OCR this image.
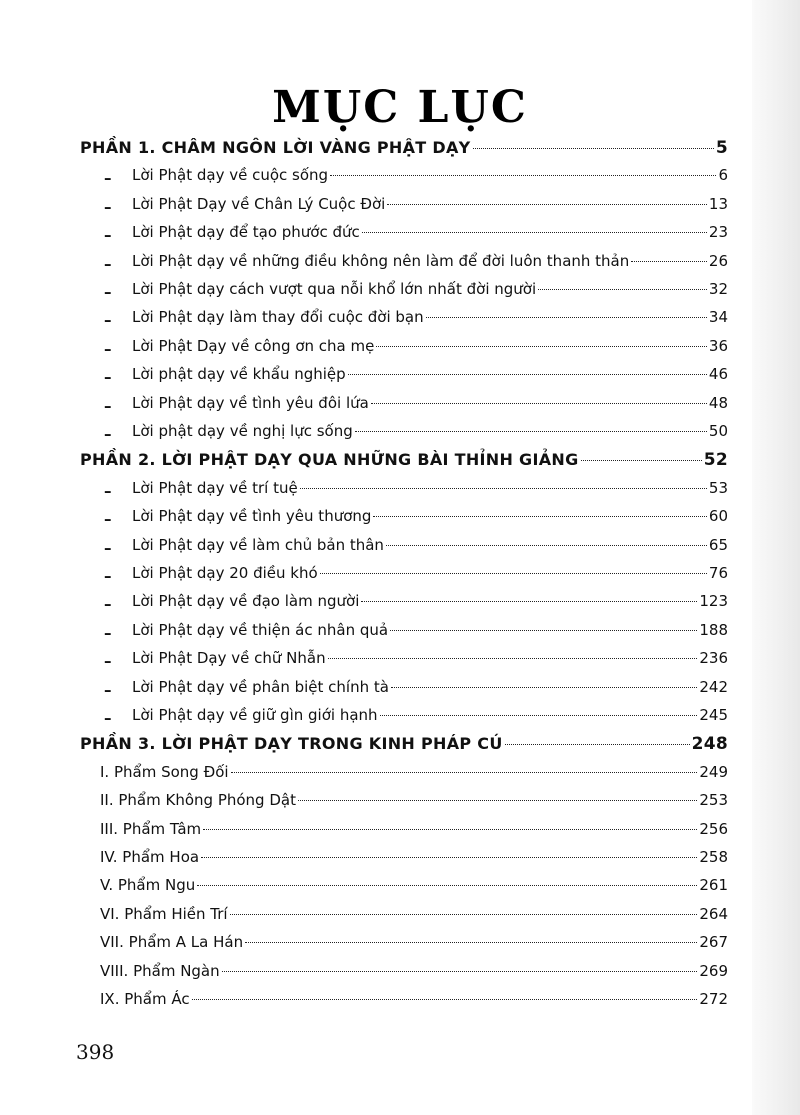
MỤC LỤC
PHẦN 1. CHÂM NGÔN LỜI VÀNG PHẬT DẠY	5
– Lời Phật dạy về cuộc sống	6
– Lời Phật Dạy về Chân Lý Cuộc Đời	13
– Lời Phật dạy để tạo phước đức	23
– Lời Phật dạy về những điều không nên làm để đời luôn thanh thản	26
– Lời Phật dạy cách vượt qua nỗi khổ lớn nhất đời người	32
– Lời Phật dạy làm thay đổi cuộc đời bạn	34
– Lời Phật Dạy về công ơn cha mẹ	36
– Lời phật dạy về khẩu nghiệp	46
– Lời Phật dạy về tình yêu đôi lứa	48
– Lời phật dạy về nghị lực sống	50
PHẦN 2. LỜI PHẬT DẠY QUA NHỮNG BÀI THỈNH GIẢNG	52
– Lời Phật dạy về trí tuệ	53
– Lời Phật dạy về tình yêu thương	60
– Lời Phật dạy về làm chủ bản thân	65
– Lời Phật dạy 20 điều khó	76
– Lời Phật dạy về đạo làm người	123
– Lời Phật dạy về thiện ác nhân quả	188
– Lời Phật Dạy về chữ Nhẫn	236
– Lời Phật dạy về phân biệt chính tà	242
– Lời Phật dạy về giữ gìn giới hạnh	245
PHẦN 3. LỜI PHẬT DẠY TRONG KINH PHÁP CÚ	248
I. Phẩm Song Đối	249
II. Phẩm Không Phóng Dật	253
III. Phẩm Tâm	256
IV. Phẩm Hoa	258
V. Phẩm Ngu	261
VI. Phẩm Hiền Trí	264
VII. Phẩm A La Hán	267
VIII. Phẩm Ngàn	269
IX. Phẩm Ác	272
398
